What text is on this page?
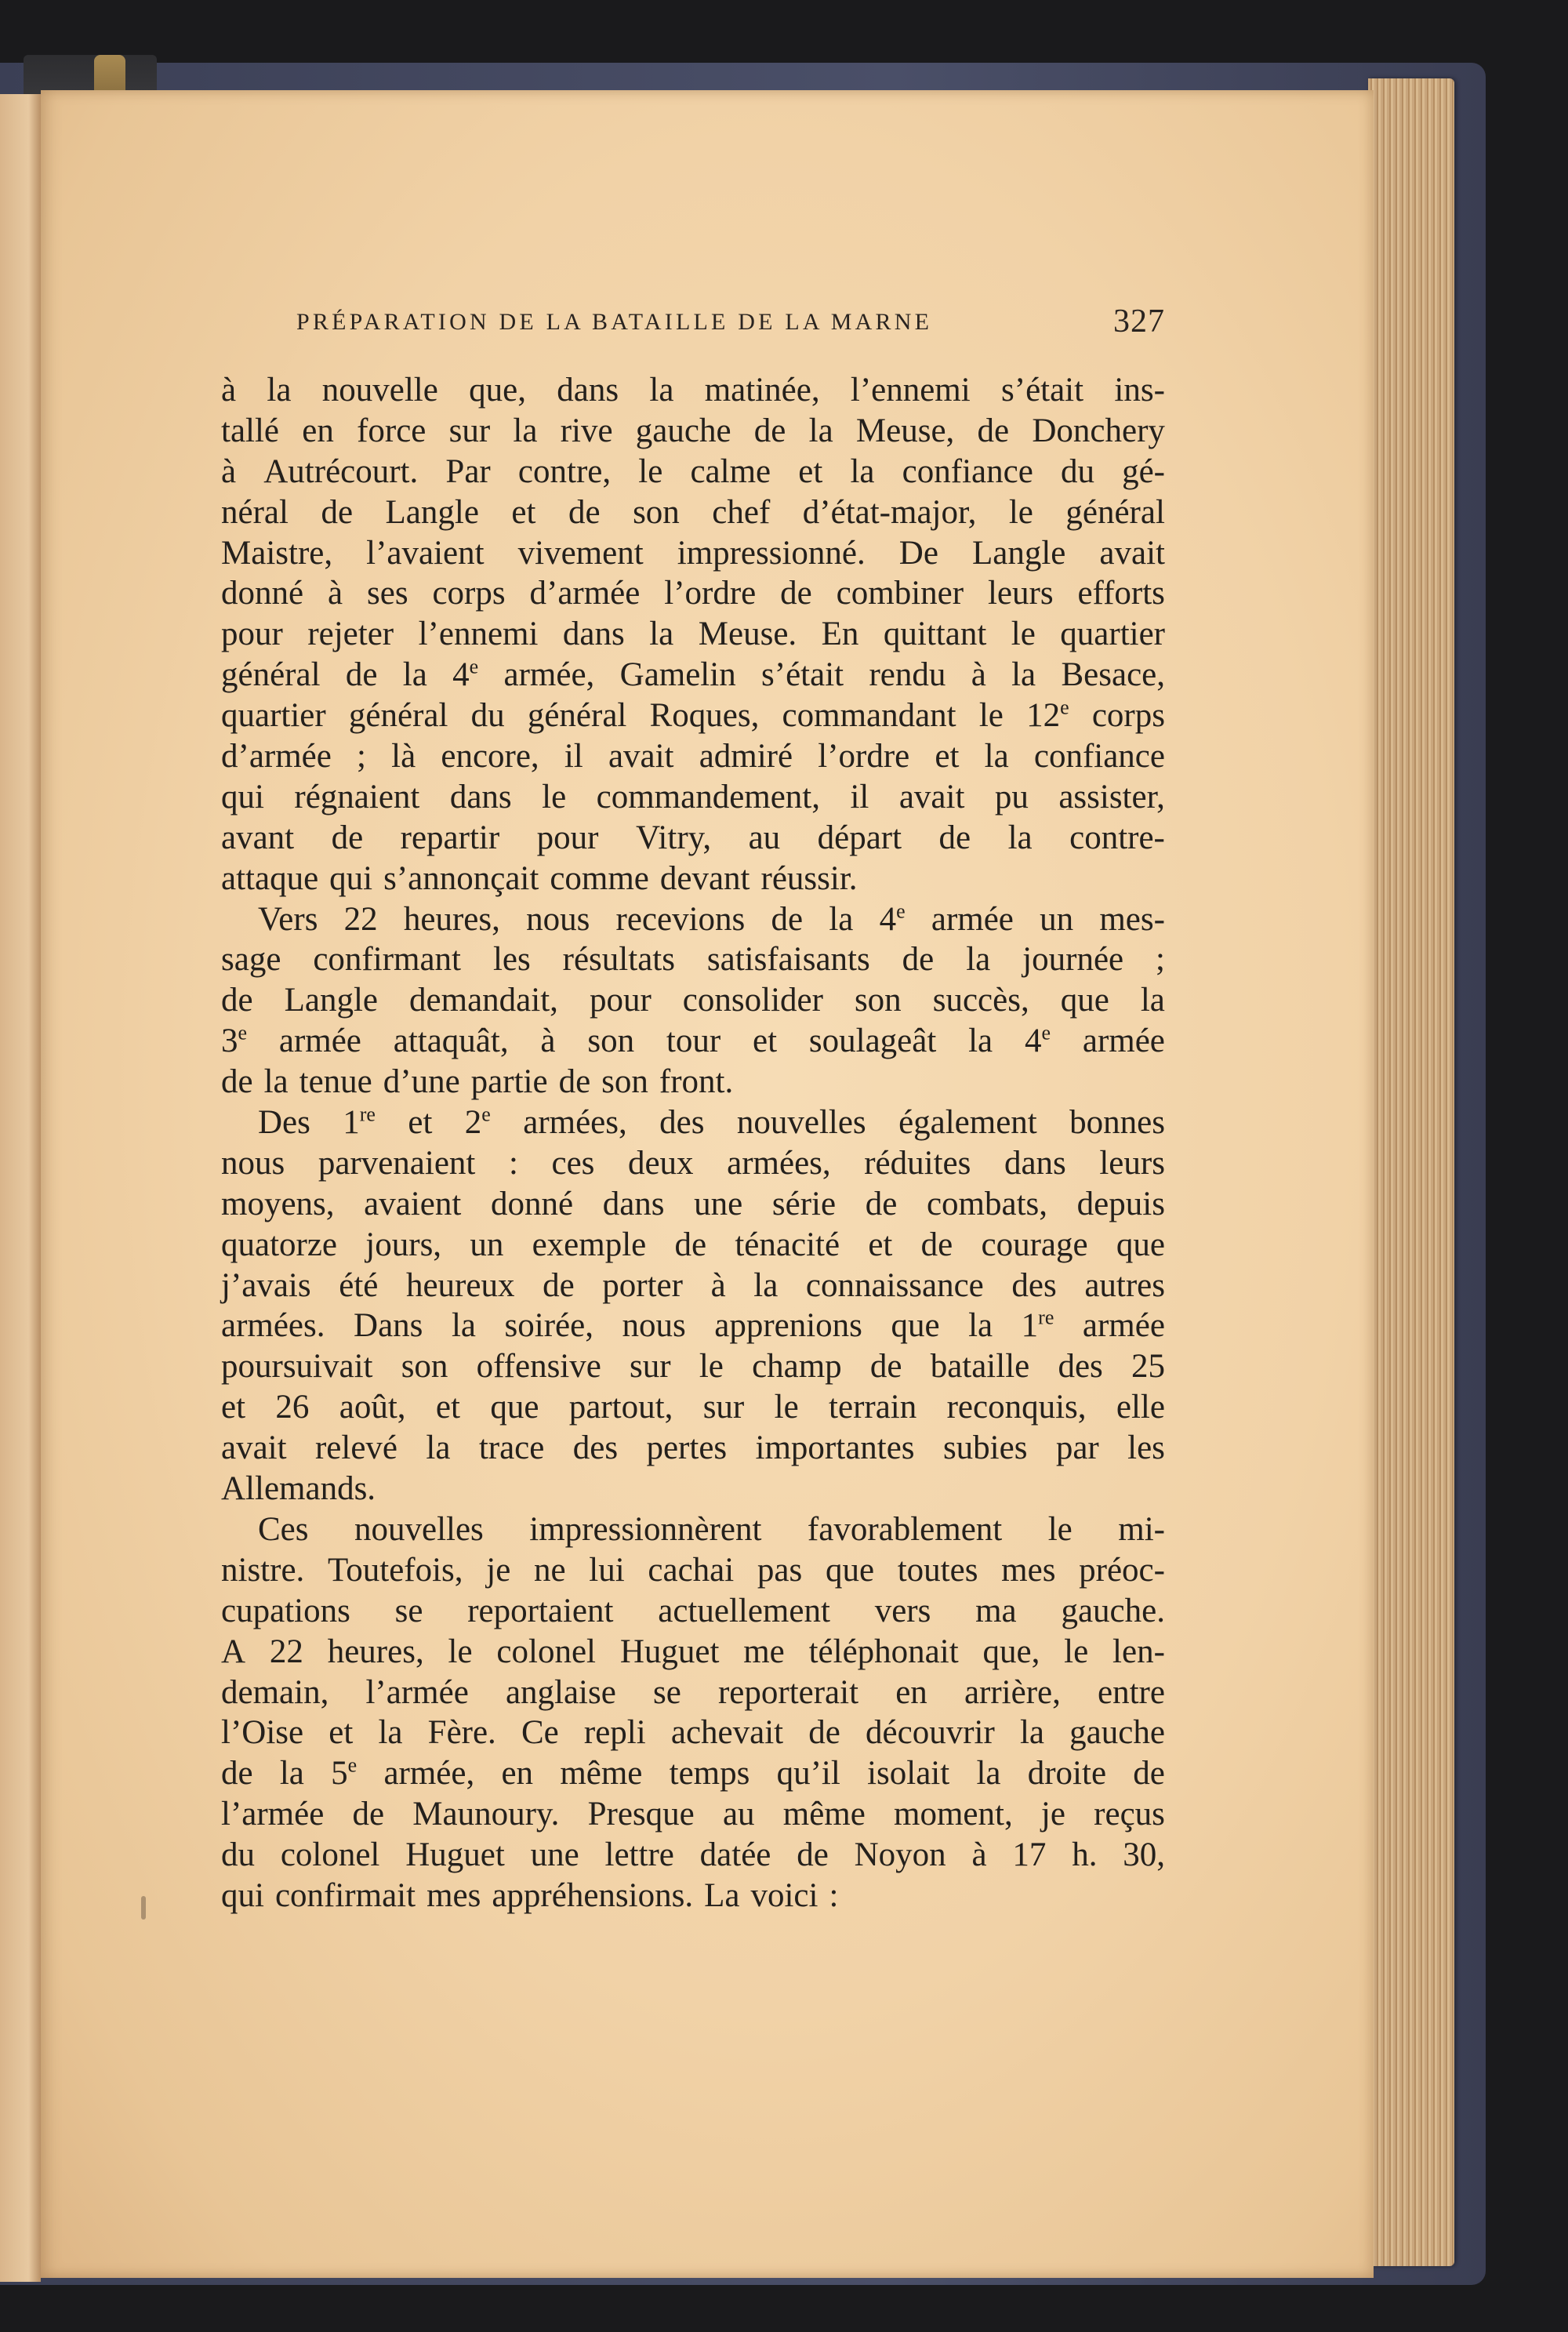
PRÉPARATION DE LA BATAILLE DE LA MARNE	327
à la nouvelle que, dans la matinée, l’ennemi s’était ins-
tallé en force sur la rive gauche de la Meuse, de Donchery
à Autrécourt. Par contre, le calme et la confiance du gé-
néral de Langle et de son chef d’état-major, le général
Maistre, l’avaient vivement impressionné. De Langle avait
donné à ses corps d’armée l’ordre de combiner leurs efforts
pour rejeter l’ennemi dans la Meuse. En quittant le quartier
général de la 4e armée, Gamelin s’était rendu à la Besace,
quartier général du général Roques, commandant le 12e corps
d’armée ; là encore, il avait admiré l’ordre et la confiance
qui régnaient dans le commandement, il avait pu assister,
avant de repartir pour Vitry, au départ de la contre-
attaque qui s’annonçait comme devant réussir.
Vers 22 heures, nous recevions de la 4e armée un mes-
sage confirmant les résultats satisfaisants de la journée ;
de Langle demandait, pour consolider son succès, que la
3e armée attaquât, à son tour et soulageât la 4e armée
de la tenue d’une partie de son front.
Des 1re et 2e armées, des nouvelles également bonnes
nous parvenaient : ces deux armées, réduites dans leurs
moyens, avaient donné dans une série de combats, depuis
quatorze jours, un exemple de ténacité et de courage que
j’avais été heureux de porter à la connaissance des autres
armées. Dans la soirée, nous apprenions que la 1re armée
poursuivait son offensive sur le champ de bataille des 25
et 26 août, et que partout, sur le terrain reconquis, elle
avait relevé la trace des pertes importantes subies par les
Allemands.
Ces nouvelles impressionnèrent favorablement le mi-
nistre. Toutefois, je ne lui cachai pas que toutes mes préoc-
cupations se reportaient actuellement vers ma gauche.
A 22 heures, le colonel Huguet me téléphonait que, le len-
demain, l’armée anglaise se reporterait en arrière, entre
l’Oise et la Fère. Ce repli achevait de découvrir la gauche
de la 5e armée, en même temps qu’il isolait la droite de
l’armée de Maunoury. Presque au même moment, je reçus
du colonel Huguet une lettre datée de Noyon à 17 h. 30,
qui confirmait mes appréhensions. La voici :
